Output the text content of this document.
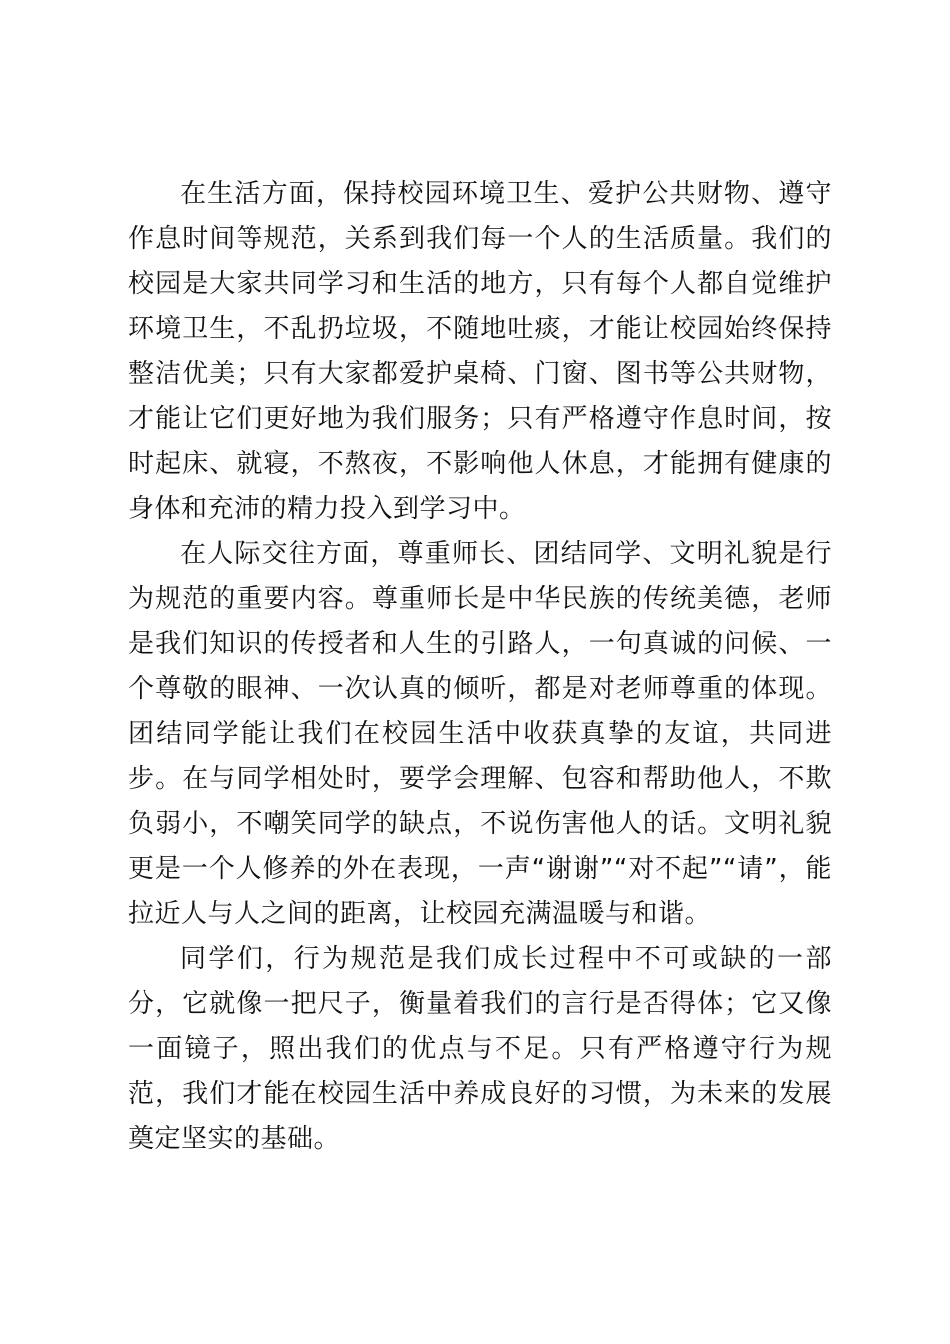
在生活方面，保持校园环境卫生、爱护公共财物、遵守作息时间等规范，关系到我们每一个人的生活质量。我们的校园是大家共同学习和生活的地方，只有每个人都自觉维护环境卫生，不乱扔垃圾，不随地吐痰，才能让校园始终保持整洁优美；只有大家都爱护桌椅、门窗、图书等公共财物，才能让它们更好地为我们服务；只有严格遵守作息时间，按时起床、就寝，不熬夜，不影响他人休息，才能拥有健康的身体和充沛的精力投入到学习中。

在人际交往方面，尊重师长、团结同学、文明礼貌是行为规范的重要内容。尊重师长是中华民族的传统美德，老师是我们知识的传授者和人生的引路人，一句真诚的问候、一个尊敬的眼神、一次认真的倾听，都是对老师尊重的体现。团结同学能让我们在校园生活中收获真挚的友谊，共同进步。在与同学相处时，要学会理解、包容和帮助他人，不欺负弱小，不嘲笑同学的缺点，不说伤害他人的话。文明礼貌更是一个人修养的外在表现，一声“谢谢”“对不起”“请”，能拉近人与人之间的距离，让校园充满温暖与和谐。

同学们，行为规范是我们成长过程中不可或缺的一部分，它就像一把尺子，衡量着我们的言行是否得体；它又像一面镜子，照出我们的优点与不足。只有严格遵守行为规范，我们才能在校园生活中养成良好的习惯，为未来的发展奠定坚实的基础。
